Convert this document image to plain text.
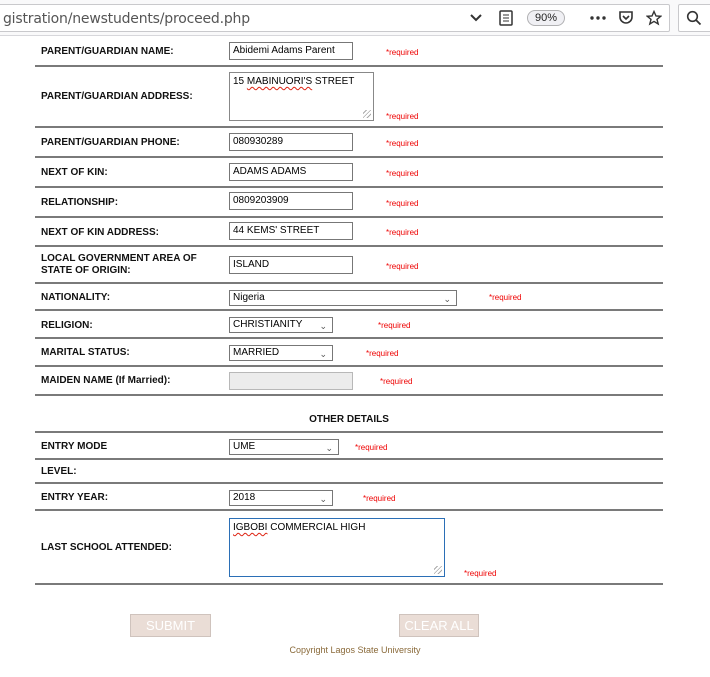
gistration/newstudents/proceed.php	90%
PARENT/GUARDIAN NAME:	Abidemi Adams Parent	*required
PARENT/GUARDIAN ADDRESS:
15 MABINUORI'S STREET
*required
PARENT/GUARDIAN PHONE:	080930289	*required
NEXT OF KIN:	ADAMS ADAMS	*required
RELATIONSHIP:	0809203909	*required
NEXT OF KIN ADDRESS:	44 KEMS' STREET	*required
LOCAL GOVERNMENT AREA OF
STATE OF ORIGIN:
ISLAND	*required
NATIONALITY:	Nigeria	⌄	*required
RELIGION:	CHRISTIANITY ⌄	*required
MARITAL STATUS:	MARRIED	⌄	*required
MAIDEN NAME (If Married):	*required
OTHER DETAILS
ENTRY MODE	UME	⌄	*required
LEVEL:
ENTRY YEAR:	2018	⌄	*required
LAST SCHOOL ATTENDED:
IGBOBI COMMERCIAL HIGH
*required
SUBMIT	CLEAR ALL
Copyright Lagos State University
